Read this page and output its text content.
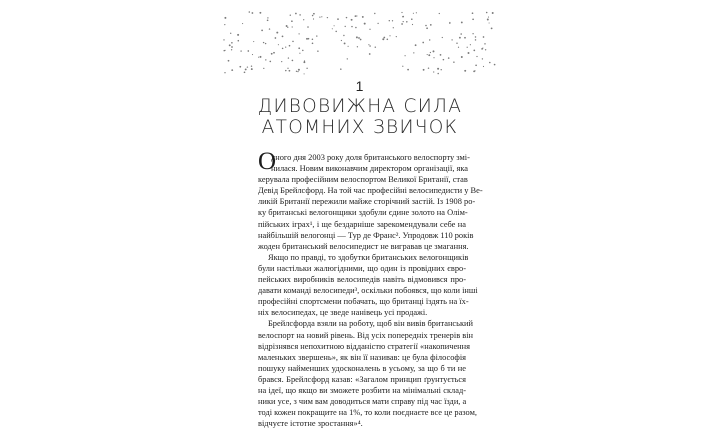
1
ДИВОВИЖНА СИЛА
АТОМНИХ ЗВИЧОК
О
дного дня 2003 року доля британського велоспорту змі-
нилася. Новим виконавчим директором організації, яка
керувала професійним велоспортом Великої Британії, став
Девід Брейлсфорд. На той час професійні велосипедисти у Ве-
ликій Британії пережили майже сторічний застій. Із 1908 ро-
ку британські велогонщики здобули єдине золото на Олім-
пійських іграх¹, і ще бездарніше зарекомендували себе на
найбільшій велогонці — Тур де Франс². Упродовж 110 років
жоден британський велосипедист не вигравав це змагання.
Якщо по правді, то здобутки британських велогонщиків
були настільки жалюгідними, що один із провідних євро-
пейських виробників велосипедів навіть відмовився про-
давати команді велосипеди³, оскільки побоявся, що коли інші
професійні спортсмени побачать, що британці їздять на їх-
ніх велосипедах, це зведе нанівець усі продажі.
Брейлсфорда взяли на роботу, щоб він вивів британський
велоспорт на новий рівень. Від усіх попередніх тренерів він
відрізнявся непохитною відданістю стратегії «накопичення
маленьких звершень», як він її називав: це була філософія
пошуку найменших удосконалень в усьому, за що б ти не
брався. Брейлсфорд казав: «Загалом принцип ґрунтується
на ідеї, що якщо ви зможете розбити на мінімальні склад-
ники усе, з чим вам доводиться мати справу під час їзди, а
тоді кожен покращите на 1%, то коли поєднаєте все це разом,
відчуєте істотне зростання»⁴.
